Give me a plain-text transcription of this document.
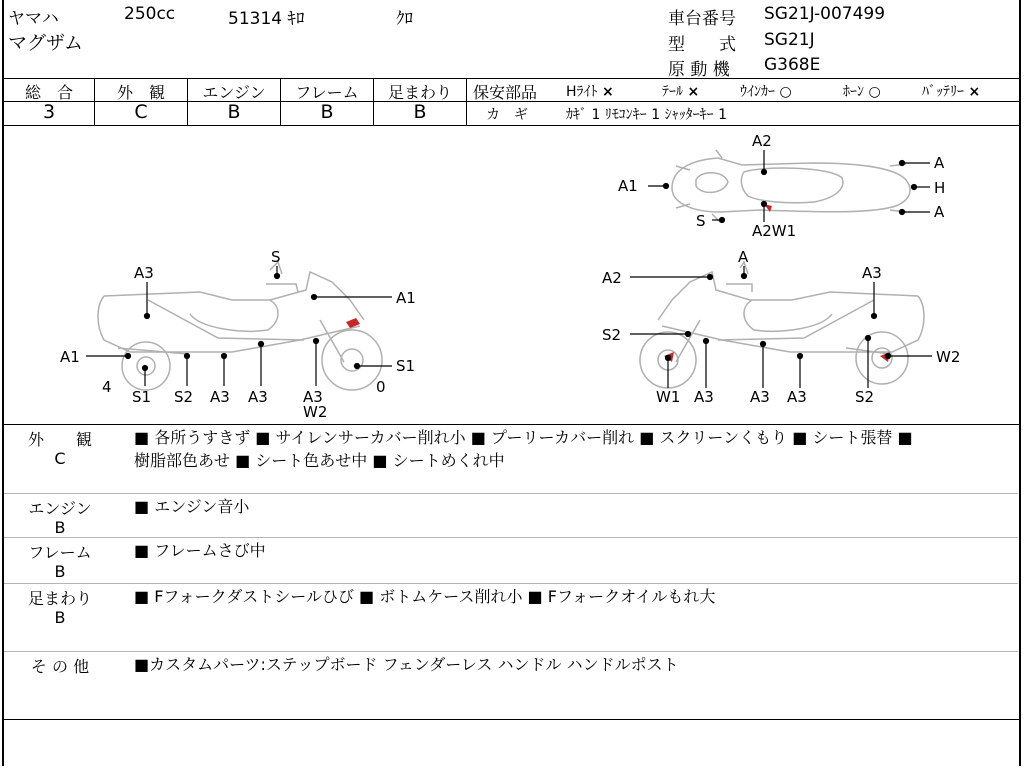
ヤマハ	250cc	51314 ｷﾛ	ｸﾛ
マグザム
車台番号 SG21J-007499
型　　式 SG21J
原 動 機 G368E
総　合	外　観	エンジン	フレーム	足まわり
3	C	B	B	B
保安部品 Hﾗｲﾄ ×	ﾃｰﾙ ×	ｳｲﾝｶｰ ○	ﾎｰﾝ ○	ﾊﾞｯﾃﾘｰ ×
カ　ギ	ｶｷﾞ 1 ﾘﾓｺﾝｷｰ 1 ｼｬｯﾀｰｷｰ 1
A2
A1
A
H
A
S
A2W1
A3
S
A1
A1	S1
4	0
S1 S2 A3 A3 A3
W2
A
A2	A3
S2
W2
W1 A3 A3 A3	S2
外　　観
C
■ 各所うすきず ■ サイレンサーカバー削れ小 ■ プーリーカバー削れ ■ スクリーンくもり ■ シート張替 ■
樹脂部色あせ ■ シート色あせ中 ■ シートめくれ中
エンジン
B
■ エンジン音小
フレーム
B
■ フレームさび中
足まわり
B
■ Fフォークダストシールひび ■ ボトムケース削れ小 ■ Fフォークオイルもれ大
そ の 他	■カスタムパーツ:ステップボード フェンダーレス ハンドル ハンドルポスト
